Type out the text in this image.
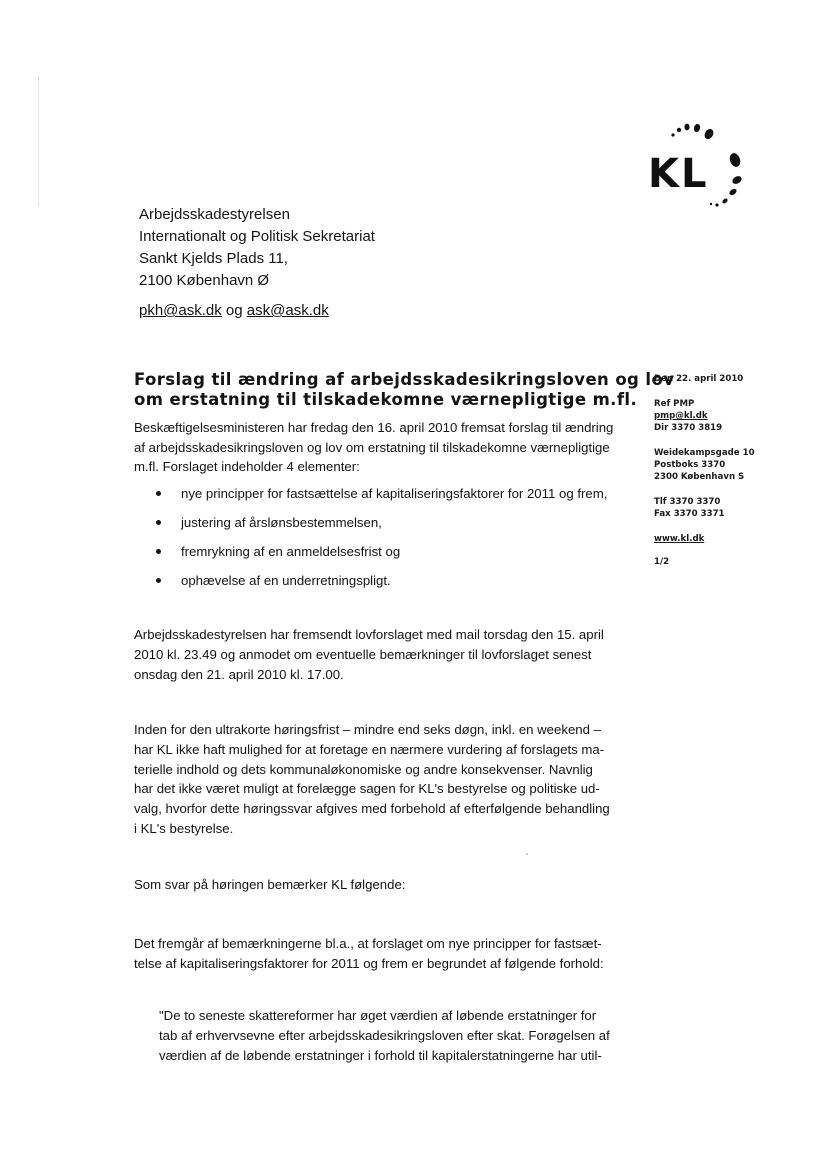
KL
Arbejdsskadestyrelsen
Internationalt og Politisk Sekretariat
Sankt Kjelds Plads 11,
2100 København Ø
pkh@ask.dk og ask@ask.dk
Forslag til ændring af arbejdsskadesikringsloven og lov
om erstatning til tilskadekomne værnepligtige m.fl.
Beskæftigelsesministeren har fredag den 16. april 2010 fremsat forslag til ændring
af arbejdsskadesikringsloven og lov om erstatning til tilskadekomne værnepligtige
m.fl. Forslaget indeholder 4 elementer:
nye principper for fastsættelse af kapitaliseringsfaktorer for 2011 og frem,
justering af årslønsbestemmelsen,
fremrykning af en anmeldelsesfrist og
ophævelse af en underretningspligt.
Arbejdsskadestyrelsen har fremsendt lovforslaget med mail torsdag den 15. april
2010 kl. 23.49 og anmodet om eventuelle bemærkninger til lovforslaget senest
onsdag den 21. april 2010 kl. 17.00.
Inden for den ultrakorte høringsfrist – mindre end seks døgn, inkl. en weekend –
har KL ikke haft mulighed for at foretage en nærmere vurdering af forslagets ma-
terielle indhold og dets kommunaløkonomiske og andre konsekvenser. Navnlig
har det ikke været muligt at forelægge sagen for KL's bestyrelse og politiske ud-
valg, hvorfor dette høringssvar afgives med forbehold af efterfølgende behandling
i KL's bestyrelse.
Som svar på høringen bemærker KL følgende:
Det fremgår af bemærkningerne bl.a., at forslaget om nye principper for fastsæt-
telse af kapitaliseringsfaktorer for 2011 og frem er begrundet af følgende forhold:
"De to seneste skattereformer har øget værdien af løbende erstatninger for
tab af erhvervsevne efter arbejdsskadesikringsloven efter skat. Forøgelsen af
værdien af de løbende erstatninger i forhold til kapitalerstatningerne har util-
Den 22. april 2010
Ref PMP
pmp@kl.dk
Dir 3370 3819
Weidekampsgade 10
Postboks 3370
2300 København S
Tlf 3370 3370
Fax 3370 3371
www.kl.dk
1/2
